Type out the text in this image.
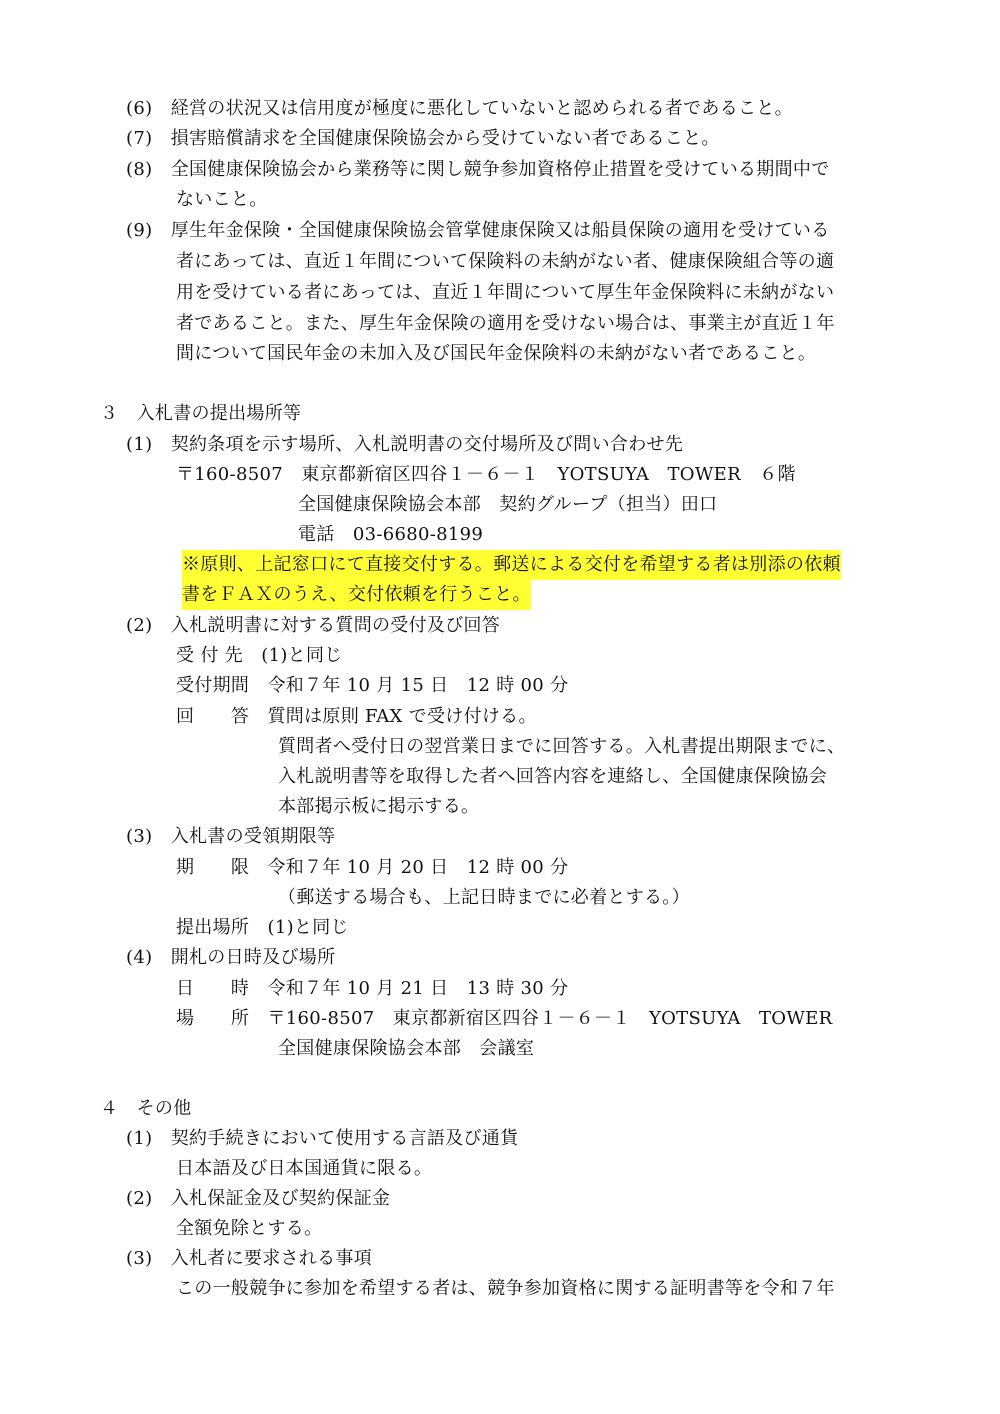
(6)　経営の状況又は信用度が極度に悪化していないと認められる者であること。
(7)　損害賠償請求を全国健康保険協会から受けていない者であること。
(8)　全国健康保険協会から業務等に関し競争参加資格停止措置を受けている期間中で
ないこと。
(9)　厚生年金保険・全国健康保険協会管掌健康保険又は船員保険の適用を受けている
者にあっては、直近１年間について保険料の未納がない者、健康保険組合等の適
用を受けている者にあっては、直近１年間について厚生年金保険料に未納がない
者であること。また、厚生年金保険の適用を受けない場合は、事業主が直近１年
間について国民年金の未加入及び国民年金保険料の未納がない者であること。
３　入札書の提出場所等
(1)　契約条項を示す場所、入札説明書の交付場所及び問い合わせ先
〒160-8507　東京都新宿区四谷１－６－１　YOTSUYA　TOWER　６階
全国健康保険協会本部　契約グループ（担当）田口
電話　03-6680-8199
※原則、上記窓口にて直接交付する。郵送による交付を希望する者は別添の依頼
書をＦＡＸのうえ、交付依頼を行うこと。
(2)　入札説明書に対する質問の受付及び回答
受 付 先　(1)と同じ
受付期間　令和７年 10 月 15 日　12 時 00 分
回　　答　質問は原則 FAX で受け付ける。
質問者へ受付日の翌営業日までに回答する。入札書提出期限までに、
入札説明書等を取得した者へ回答内容を連絡し、全国健康保険協会
本部掲示板に掲示する。
(3)　入札書の受領期限等
期　　限　令和７年 10 月 20 日　12 時 00 分
（郵送する場合も、上記日時までに必着とする。）
提出場所　(1)と同じ
(4)　開札の日時及び場所
日　　時　令和７年 10 月 21 日　13 時 30 分
場　　所　〒160-8507　東京都新宿区四谷１－６－１　YOTSUYA　TOWER
全国健康保険協会本部　会議室
４　その他
(1)　契約手続きにおいて使用する言語及び通貨
日本語及び日本国通貨に限る。
(2)　入札保証金及び契約保証金
全額免除とする。
(3)　入札者に要求される事項
この一般競争に参加を希望する者は、競争参加資格に関する証明書等を令和７年
